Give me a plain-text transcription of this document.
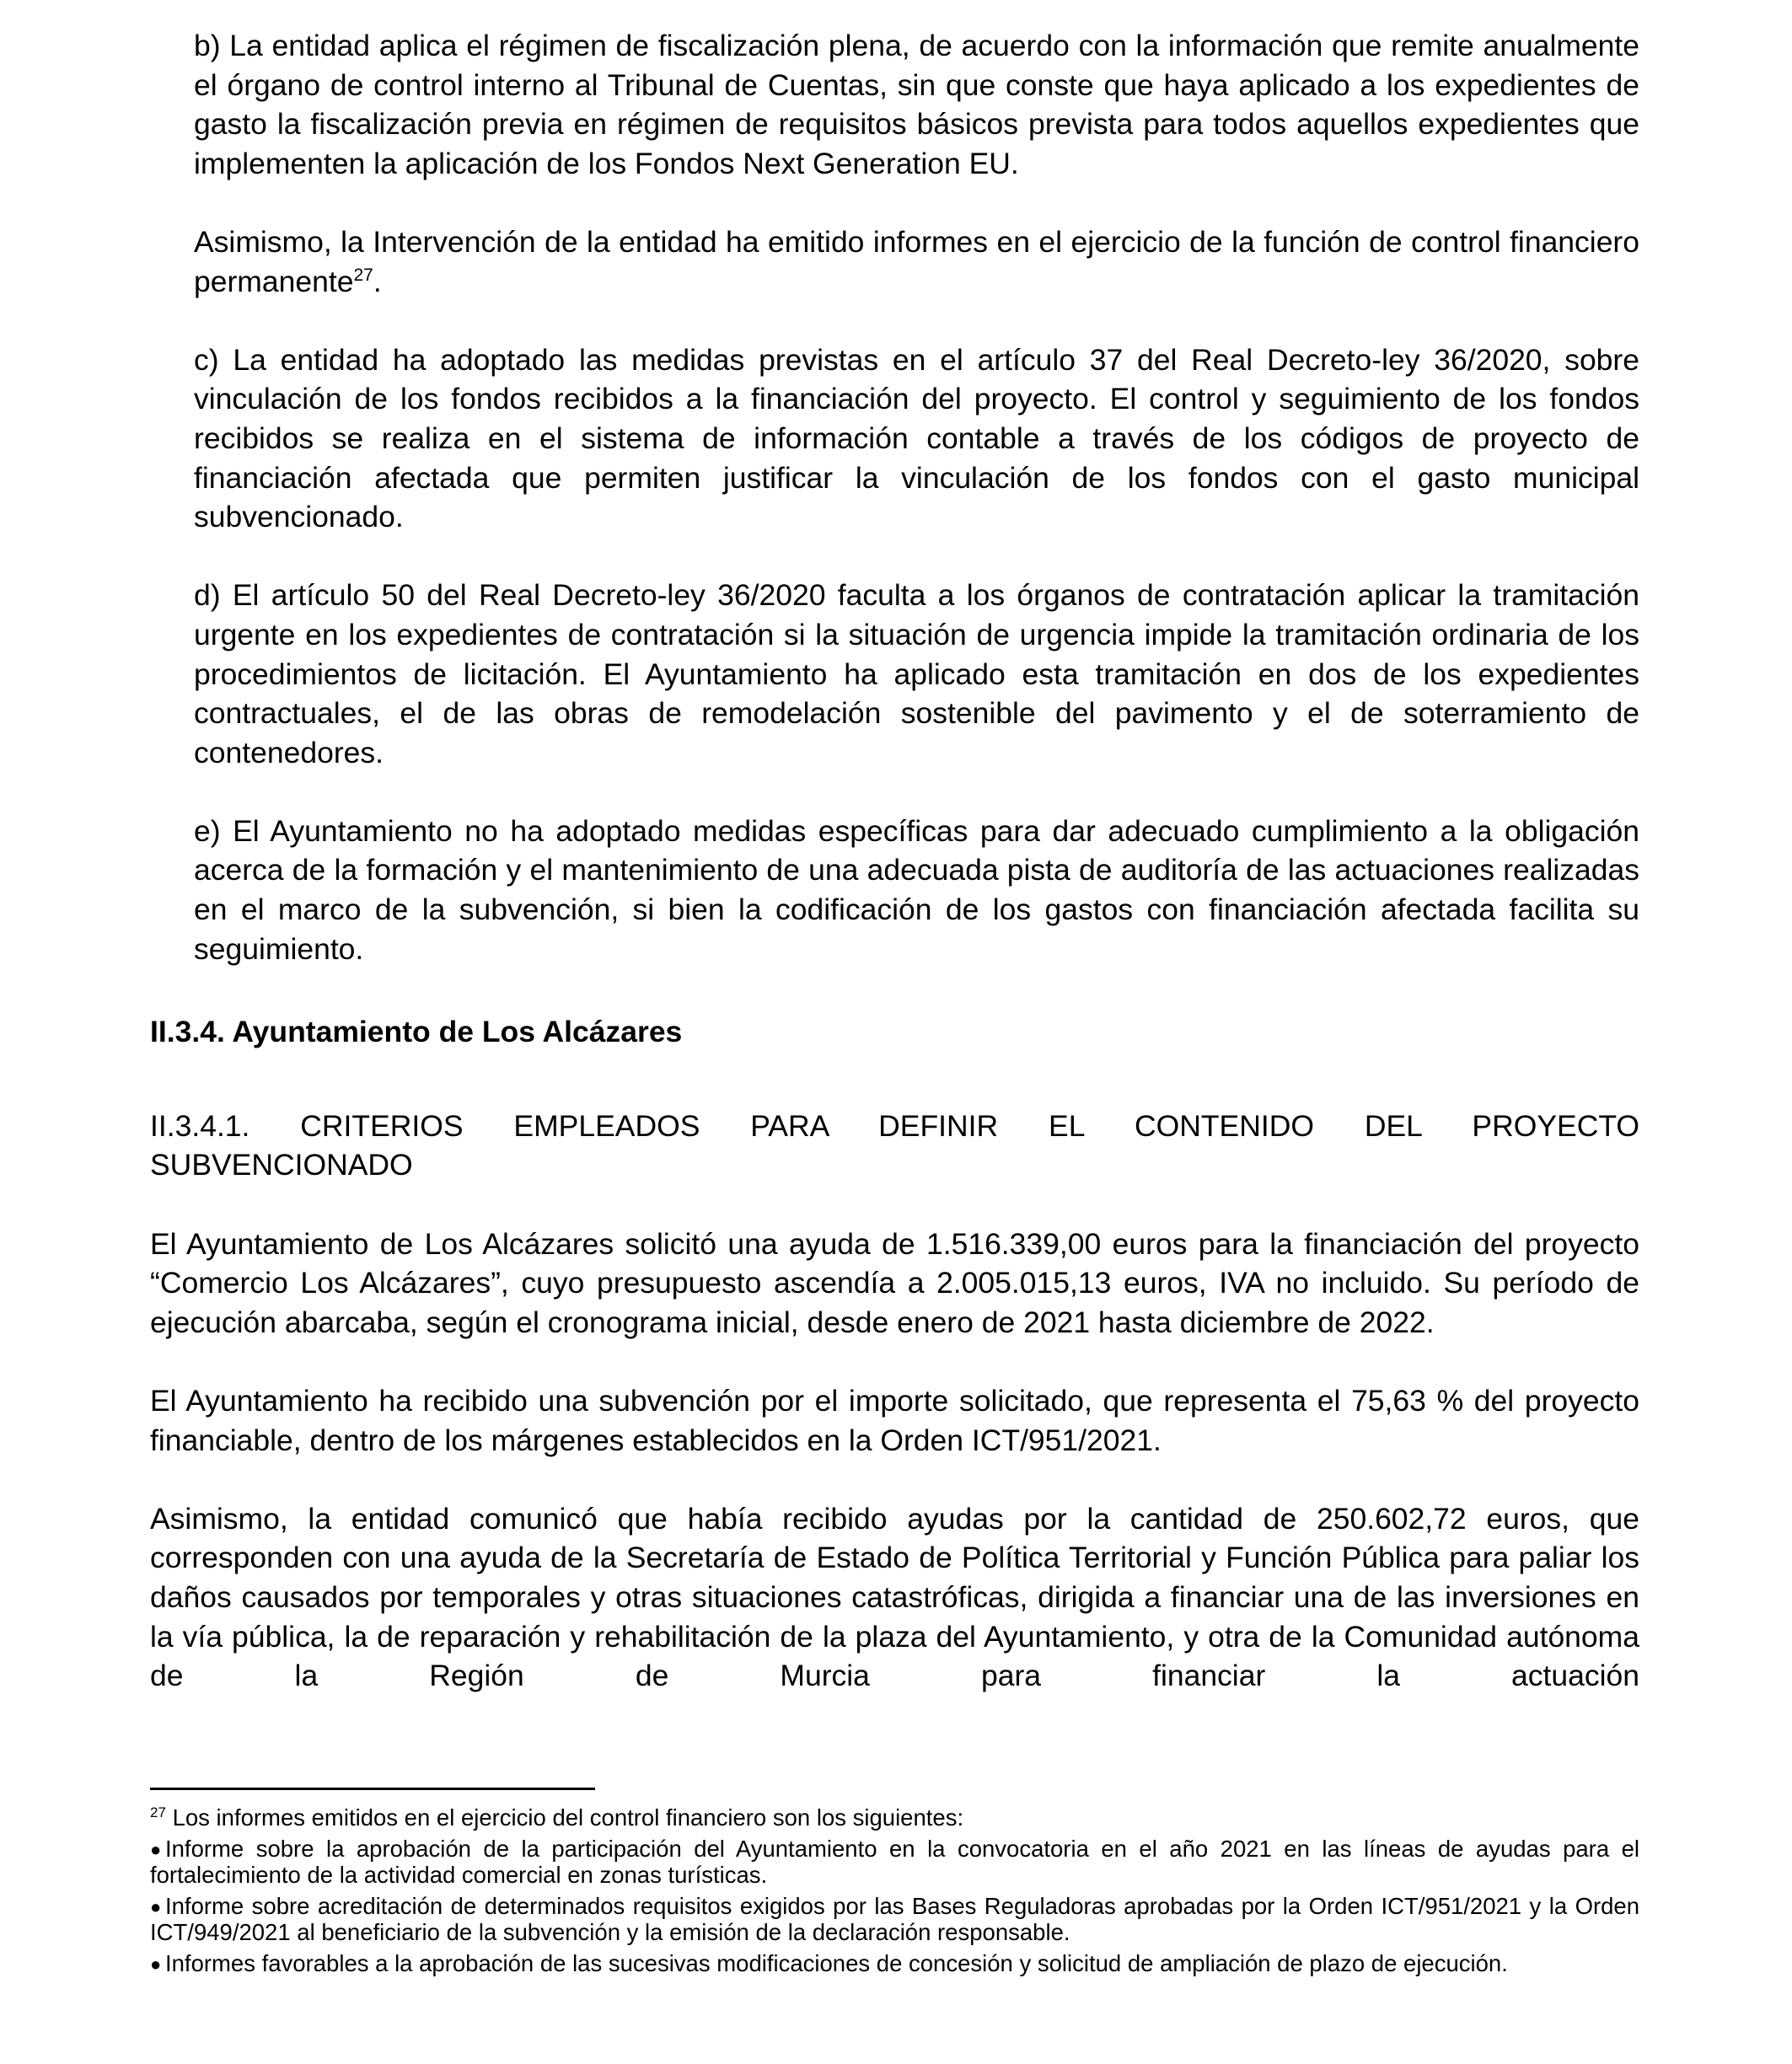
b) La entidad aplica el régimen de fiscalización plena, de acuerdo con la información que remite anualmente el órgano de control interno al Tribunal de Cuentas, sin que conste que haya aplicado a los expedientes de gasto la fiscalización previa en régimen de requisitos básicos prevista para todos aquellos expedientes que implementen la aplicación de los Fondos Next Generation EU.

Asimismo, la Intervención de la entidad ha emitido informes en el ejercicio de la función de control financiero permanente$^{27}$.

c) La entidad ha adoptado las medidas previstas en el artículo 37 del Real Decreto-ley 36/2020, sobre vinculación de los fondos recibidos a la financiación del proyecto. El control y seguimiento de los fondos recibidos se realiza en el sistema de información contable a través de los códigos de proyecto de financiación afectada que permiten justificar la vinculación de los fondos con el gasto municipal subvencionado.

d) El artículo 50 del Real Decreto-ley 36/2020 faculta a los órganos de contratación aplicar la tramitación urgente en los expedientes de contratación si la situación de urgencia impide la tramitación ordinaria de los procedimientos de licitación. El Ayuntamiento ha aplicado esta tramitación en dos de los expedientes contractuales, el de las obras de remodelación sostenible del pavimento y el de soterramiento de contenedores.

e) El Ayuntamiento no ha adoptado medidas específicas para dar adecuado cumplimiento a la obligación acerca de la formación y el mantenimiento de una adecuada pista de auditoría de las actuaciones realizadas en el marco de la subvención, si bien la codificación de los gastos con financiación afectada facilita su seguimiento.

II.3.4. Ayuntamiento de Los Alcázares
II.3.4.1. CRITERIOS EMPLEADOS PARA DEFINIR EL CONTENIDO DEL PROYECTO
SUBVENCIONADO

El Ayuntamiento de Los Alcázares solicitó una ayuda de 1.516.339,00 euros para la financiación del proyecto “Comercio Los Alcázares”, cuyo presupuesto ascendía a 2.005.015,13 euros, IVA no incluido. Su período de ejecución abarcaba, según el cronograma inicial, desde enero de 2021 hasta diciembre de 2022.

El Ayuntamiento ha recibido una subvención por el importe solicitado, que representa el 75,63 % del proyecto financiable, dentro de los márgenes establecidos en la Orden ICT/951/2021.

Asimismo, la entidad comunicó que había recibido ayudas por la cantidad de 250.602,72 euros, que corresponden con una ayuda de la Secretaría de Estado de Política Territorial y Función Pública para paliar los daños causados por temporales y otras situaciones catastróficas, dirigida a financiar una de las inversiones en la vía pública, la de reparación y rehabilitación de la plaza del Ayuntamiento, y otra de la Comunidad autónoma de la Región de Murcia para financiar la actuación

$^{27}$ Los informes emitidos en el ejercicio del control financiero son los siguientes:

● Informe sobre la aprobación de la participación del Ayuntamiento en la convocatoria en el año 2021 en las líneas de ayudas para el fortalecimiento de la actividad comercial en zonas turísticas.

● Informe sobre acreditación de determinados requisitos exigidos por las Bases Reguladoras aprobadas por la Orden ICT/951/2021 y la Orden ICT/949/2021 al beneficiario de la subvención y la emisión de la declaración responsable.

● Informes favorables a la aprobación de las sucesivas modificaciones de concesión y solicitud de ampliación de plazo de ejecución.
